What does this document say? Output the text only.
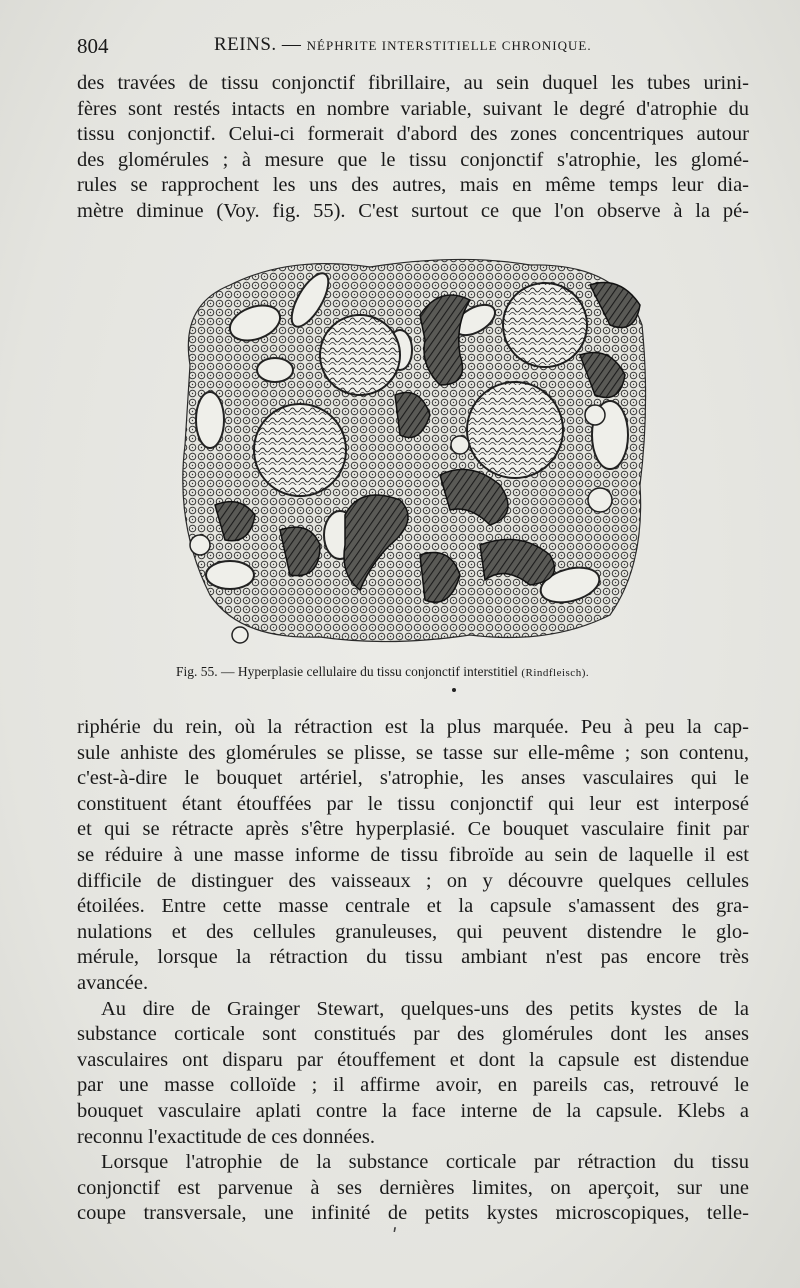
804	REINS. — NÉPHRITE INTERSTITIELLE CHRONIQUE.
des travées de tissu conjonctif fibrillaire, au sein duquel les tubes urini-
fères sont restés intacts en nombre variable, suivant le degré d'atrophie du
tissu conjonctif. Celui-ci formerait d'abord des zones concentriques autour
des glomérules ; à mesure que le tissu conjonctif s'atrophie, les glomé-
rules se rapprochent les uns des autres, mais en même temps leur dia-
mètre diminue (Voy. fig. 55). C'est surtout ce que l'on observe à la pé-
Fig. 55. — Hyperplasie cellulaire du tissu conjonctif interstitiel (Rindfleisch).
riphérie du rein, où la rétraction est la plus marquée. Peu à peu la cap-
sule anhiste des glomérules se plisse, se tasse sur elle-même ; son contenu,
c'est-à-dire le bouquet artériel, s'atrophie, les anses vasculaires qui le
constituent étant étouffées par le tissu conjonctif qui leur est interposé
et qui se rétracte après s'être hyperplasié. Ce bouquet vasculaire finit par
se réduire à une masse informe de tissu fibroïde au sein de laquelle il est
difficile de distinguer des vaisseaux ; on y découvre quelques cellules
étoilées. Entre cette masse centrale et la capsule s'amassent des gra-
nulations et des cellules granuleuses, qui peuvent distendre le glo-
mérule, lorsque la rétraction du tissu ambiant n'est pas encore très
avancée.
Au dire de Grainger Stewart, quelques-uns des petits kystes de la
substance corticale sont constitués par des glomérules dont les anses
vasculaires ont disparu par étouffement et dont la capsule est distendue
par une masse colloïde ; il affirme avoir, en pareils cas, retrouvé le
bouquet vasculaire aplati contre la face interne de la capsule. Klebs a
reconnu l'exactitude de ces données.
Lorsque l'atrophie de la substance corticale par rétraction du tissu
conjonctif est parvenue à ses dernières limites, on aperçoit, sur une
coupe transversale, une infinité de petits kystes microscopiques, telle-
ʹ
